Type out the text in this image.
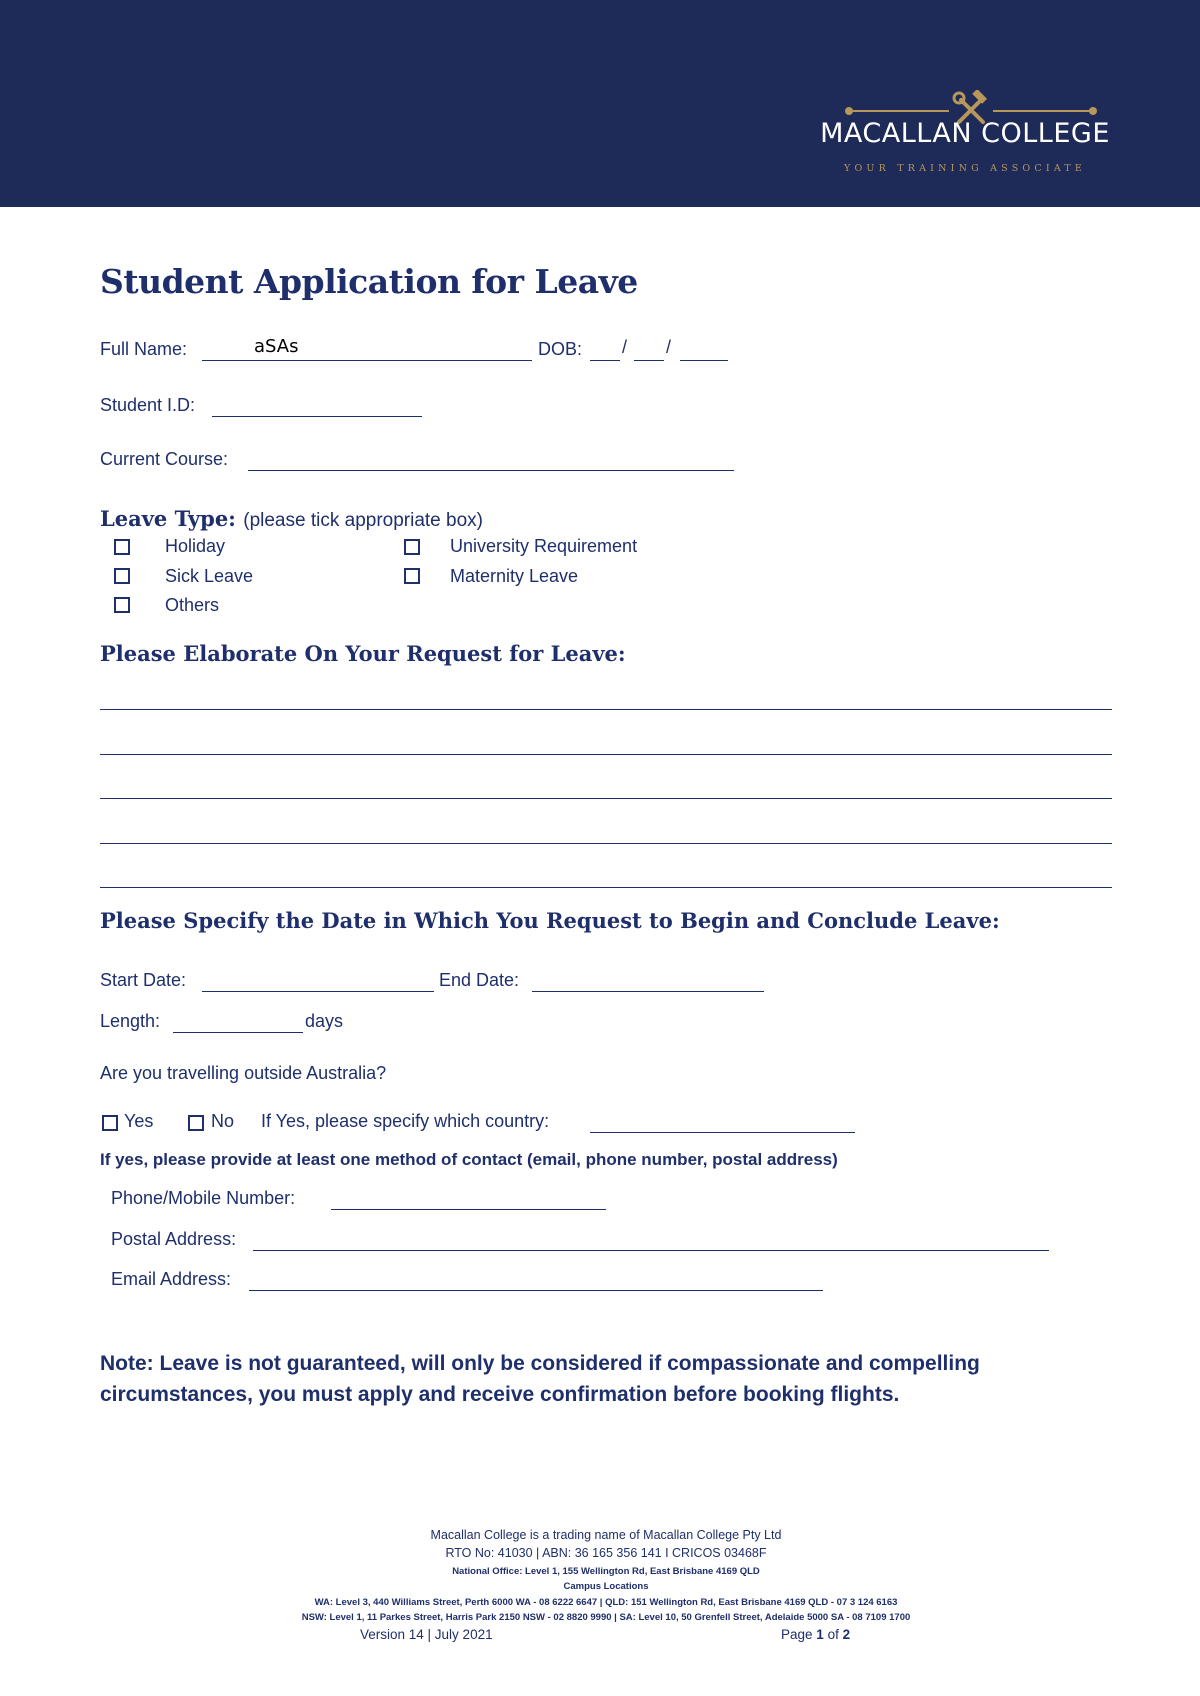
MACALLAN COLLEGE
YOUR TRAINING ASSOCIATE
Student Application for Leave
Full Name:	aSAs	DOB: / /
Student I.D:
Current Course:
Leave Type: (please tick appropriate box)
Holiday	University Requirement
Sick Leave	Maternity Leave
Others
Please Elaborate On Your Request for Leave:
Please Specify the Date in Which You Request to Begin and Conclude Leave:
Start Date:	End Date:
Length:	days
Are you travelling outside Australia?
Yes	No If Yes, please specify which country:
If yes, please provide at least one method of contact (email, phone number, postal address)
Phone/Mobile Number:
Postal Address:
Email Address:
Note: Leave is not guaranteed, will only be considered if compassionate and compelling
circumstances, you must apply and receive confirmation before booking flights.
Macallan College is a trading name of Macallan College Pty Ltd
RTO No: 41030 | ABN: 36 165 356 141 I CRICOS 03468F
National Office: Level 1, 155 Wellington Rd, East Brisbane 4169 QLD
Campus Locations
WA: Level 3, 440 Williams Street, Perth 6000 WA - 08 6222 6647 | QLD: 151 Wellington Rd, East Brisbane 4169 QLD - 07 3 124 6163
NSW: Level 1, 11 Parkes Street, Harris Park 2150 NSW - 02 8820 9990 | SA: Level 10, 50 Grenfell Street, Adelaide 5000 SA - 08 7109 1700
Version 14 | July 2021	Page 1 of 2
